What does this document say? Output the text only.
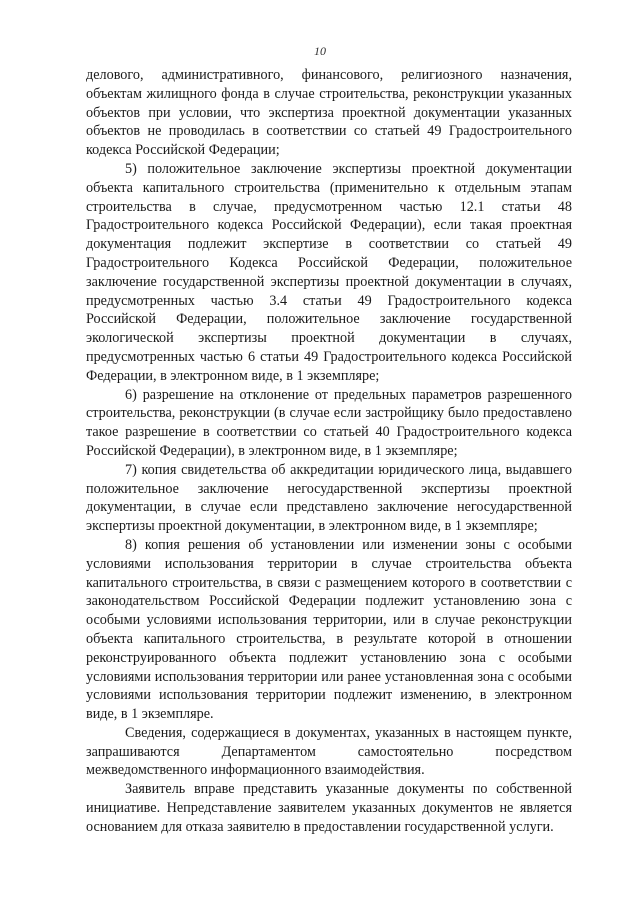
10

делового, административного, финансового, религиозного назначения, объектам жилищного фонда в случае строительства, реконструкции указанных объектов при условии, что экспертиза проектной документации указанных объектов не проводилась в соответствии со статьей 49 Градостроительного кодекса Российской Федерации;

5) положительное заключение экспертизы проектной документации объекта капитального строительства (применительно к отдельным этапам строительства в случае, предусмотренном частью 12.1 статьи 48 Градостроительного кодекса Российской Федерации), если такая проектная документация подлежит экспертизе в соответствии со статьей 49 Градостроительного Кодекса Российской Федерации, положительное заключение государственной экспертизы проектной документации в случаях, предусмотренных частью 3.4 статьи 49 Градостроительного кодекса Российской Федерации, положительное заключение государственной экологической экспертизы проектной документации в случаях, предусмотренных частью 6 статьи 49 Градостроительного кодекса Российской Федерации, в электронном виде, в 1 экземпляре;

6) разрешение на отклонение от предельных параметров разрешенного строительства, реконструкции (в случае если застройщику было предоставлено такое разрешение в соответствии со статьей 40 Градостроительного кодекса Российской Федерации), в электронном виде, в 1 экземпляре;

7) копия свидетельства об аккредитации юридического лица, выдавшего положительное заключение негосударственной экспертизы проектной документации, в случае если представлено заключение негосударственной экспертизы проектной документации, в электронном виде, в 1 экземпляре;

8) копия решения об установлении или изменении зоны с особыми условиями использования территории в случае строительства объекта капитального строительства, в связи с размещением которого в соответствии с законодательством Российской Федерации подлежит установлению зона с особыми условиями использования территории, или в случае реконструкции объекта капитального строительства, в результате которой в отношении реконструированного объекта подлежит установлению зона с особыми условиями использования территории или ранее установленная зона с особыми условиями использования территории подлежит изменению, в электронном виде, в 1 экземпляре.

Сведения, содержащиеся в документах, указанных в настоящем пункте, запрашиваются Департаментом самостоятельно посредством межведомственного информационного взаимодействия.

Заявитель вправе представить указанные документы по собственной инициативе. Непредставление заявителем указанных документов не является основанием для отказа заявителю в предоставлении государственной услуги.
